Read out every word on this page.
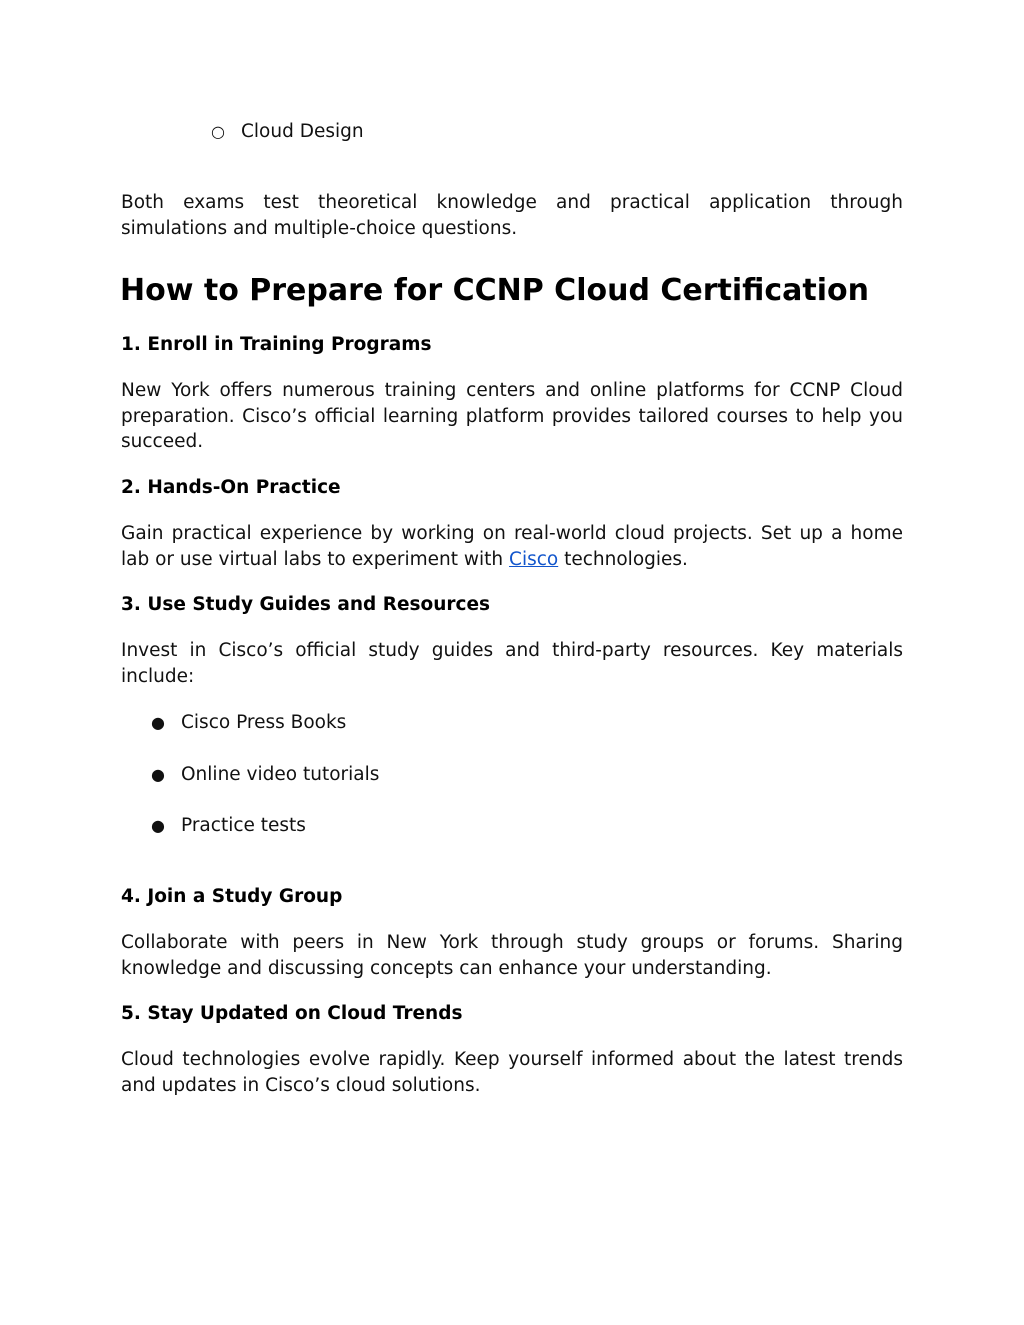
○ Cloud Design

Both exams test theoretical knowledge and practical application through simulations and multiple-choice questions.

How to Prepare for CCNP Cloud Certification
1. Enroll in Training Programs

New York offers numerous training centers and online platforms for CCNP Cloud preparation. Cisco’s official learning platform provides tailored courses to help you succeed.

2. Hands-On Practice

Gain practical experience by working on real-world cloud projects. Set up a home lab or use virtual labs to experiment with Cisco technologies.

3. Use Study Guides and Resources

Invest in Cisco’s official study guides and third-party resources. Key materials include:

● Cisco Press Books
● Online video tutorials
● Practice tests
4. Join a Study Group

Collaborate with peers in New York through study groups or forums. Sharing knowledge and discussing concepts can enhance your understanding.

5. Stay Updated on Cloud Trends

Cloud technologies evolve rapidly. Keep yourself informed about the latest trends and updates in Cisco’s cloud solutions.
